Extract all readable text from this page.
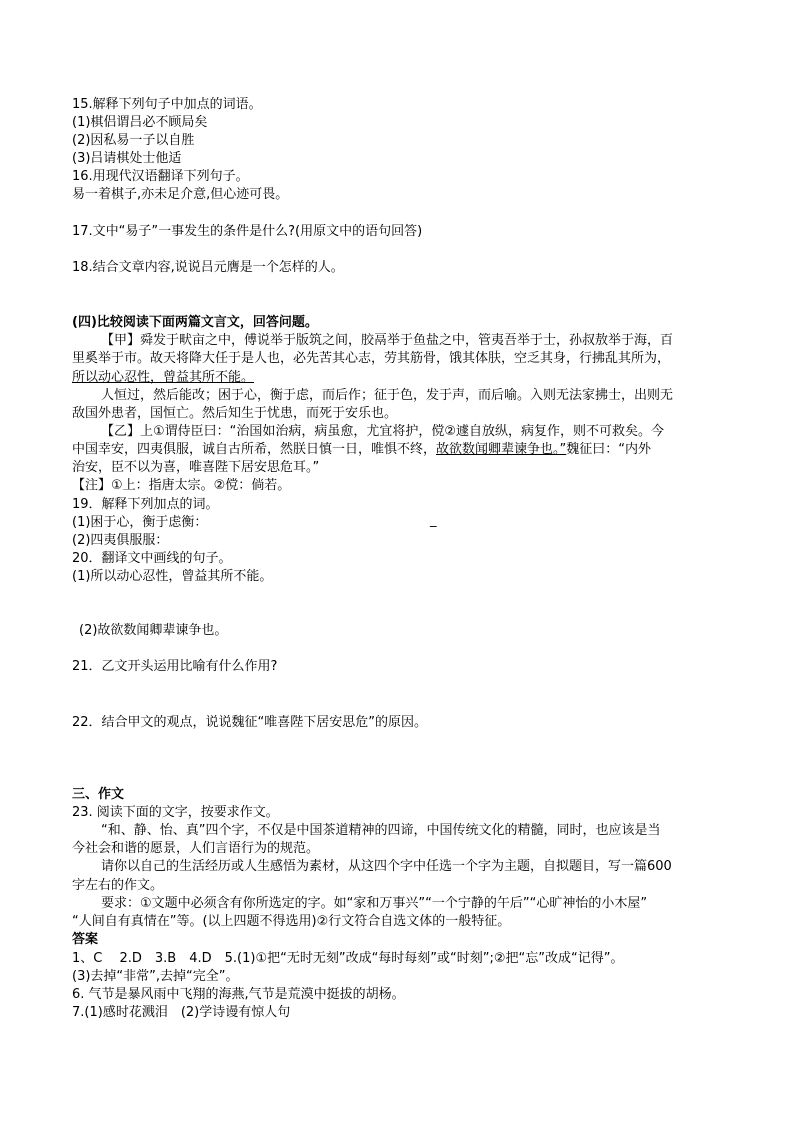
15.解释下列句子中加点的词语。
(1)棋侣谓吕必不顾局矣
(2)因私易一子以自胜
(3)吕请棋处士他适
16.用现代汉语翻译下列句子。
易一着棋子,亦未足介意,但心迹可畏。
17.文中“易子”一事发生的条件是什么?(用原文中的语句回答)
18.结合文章内容,说说吕元膺是一个怎样的人。
(四)比较阅读下面两篇文言文，回答问题。
【甲】舜发于畎亩之中，傅说举于版筑之间，胶鬲举于鱼盐之中，管夷吾举于士，孙叔敖举于海，百
里奚举于市。故天将降大任于是人也，必先苦其心志，劳其筋骨，饿其体肤，空乏其身，行拂乱其所为，
所以动心忍性，曾益其所不能。
人恒过，然后能改；困于心，衡于虑，而后作；征于色，发于声，而后喻。入则无法家拂士，出则无
敌国外患者，国恒亡。然后知生于忧患，而死于安乐也。
【乙】上①谓侍臣曰：“治国如治病，病虽愈，尤宜将护，傥②遽自放纵，病复作，则不可救矣。今
中国幸安，四夷俱服，诚自古所希，然朕日慎一日，唯惧不终，故欲数闻卿辈谏争也。”魏征曰：“内外
治安，臣不以为喜，唯喜陛下居安思危耳。”
【注】①上：指唐太宗。②傥：倘若。
19．解释下列加点的词。
(1)困于心，衡于虑衡：	_
(2)四夷俱服服：
20．翻译文中画线的句子。
(1)所以动心忍性，曾益其所不能。
(2)故欲数闻卿辈谏争也。
21．乙文开头运用比喻有什么作用?
22．结合甲文的观点，说说魏征“唯喜陛下居安思危”的原因。
三、作文
23. 阅读下面的文字，按要求作文。
“和、静、怡、真”四个字，不仅是中国茶道精神的四谛，中国传统文化的精髓，同时，也应该是当
今社会和谐的愿景，人们言语行为的规范。
请你以自己的生活经历或人生感悟为素材，从这四个字中任选一个字为主题，自拟题目，写一篇600
字左右的作文。
要求：①文题中必须含有你所选定的字。如“家和万事兴”“一个宁静的午后”“心旷神怡的小木屋”
“人间自有真情在”等。(以上四题不得选用)②行文符合自选文体的一般特征。
答案
1、C　 2.D　3.B　4.D　5.(1)①把“无时无刻”改成“每时每刻”或“时刻”;②把“忘”改成“记得”。
(3)去掉“非常”,去掉“完全”。
6. 气节是暴风雨中飞翔的海燕,气节是荒漠中挺拔的胡杨。
7.(1)感时花溅泪　(2)学诗谩有惊人句
